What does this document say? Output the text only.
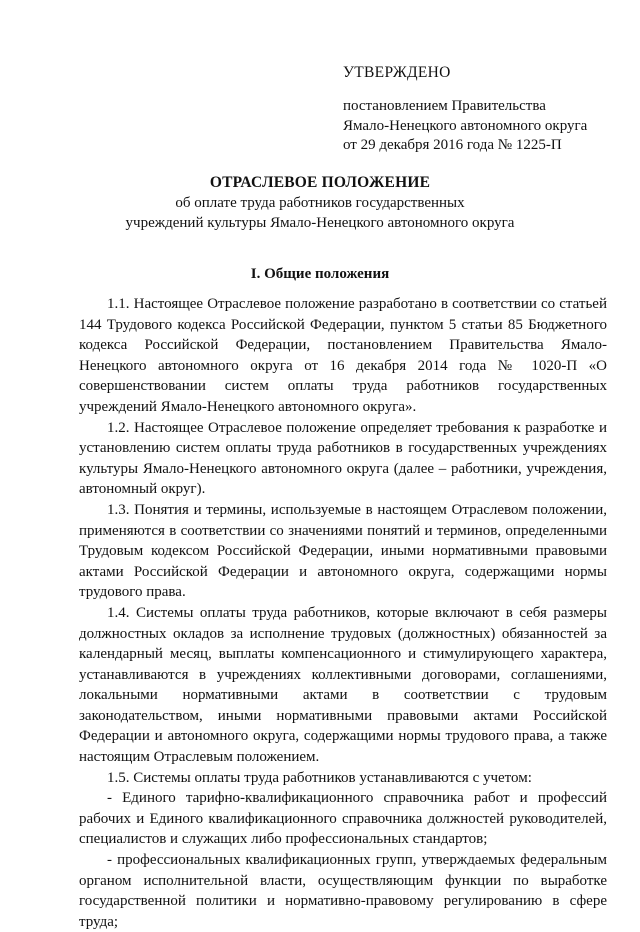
УТВЕРЖДЕНО
постановлением Правительства
Ямало-Ненецкого автономного округа
от 29 декабря 2016 года № 1225-П
ОТРАСЛЕВОЕ ПОЛОЖЕНИЕ
об оплате труда работников государственных
учреждений культуры Ямало-Ненецкого автономного округа
I. Общие положения

1.1. Настоящее Отраслевое положение разработано в соответствии со статьей 144 Трудового кодекса Российской Федерации, пунктом 5 статьи 85 Бюджетного кодекса Российской Федерации, постановлением Правительства Ямало-Ненецкого автономного округа от 16 декабря 2014 года № 1020-П «О совершенствовании систем оплаты труда работников государственных учреждений Ямало-Ненецкого автономного округа».

1.2. Настоящее Отраслевое положение определяет требования к разработке и установлению систем оплаты труда работников в государственных учреждениях культуры Ямало-Ненецкого автономного округа (далее – работники, учреждения, автономный округ).

1.3. Понятия и термины, используемые в настоящем Отраслевом положении, применяются в соответствии со значениями понятий и терминов, определенными Трудовым кодексом Российской Федерации, иными нормативными правовыми актами Российской Федерации и автономного округа, содержащими нормы трудового права.

1.4. Системы оплаты труда работников, которые включают в себя размеры должностных окладов за исполнение трудовых (должностных) обязанностей за календарный месяц, выплаты компенсационного и стимулирующего характера, устанавливаются в учреждениях коллективными договорами, соглашениями, локальными нормативными актами в соответствии с трудовым законодательством, иными нормативными правовыми актами Российской Федерации и автономного округа, содержащими нормы трудового права, а также настоящим Отраслевым положением.

1.5. Системы оплаты труда работников устанавливаются с учетом:

- Единого тарифно-квалификационного справочника работ и профессий рабочих и Единого квалификационного справочника должностей руководителей, специалистов и служащих либо профессиональных стандартов;

- профессиональных квалификационных групп, утверждаемых федеральным органом исполнительной власти, осуществляющим функции по выработке государственной политики и нормативно-правовому регулированию в сфере труда;
